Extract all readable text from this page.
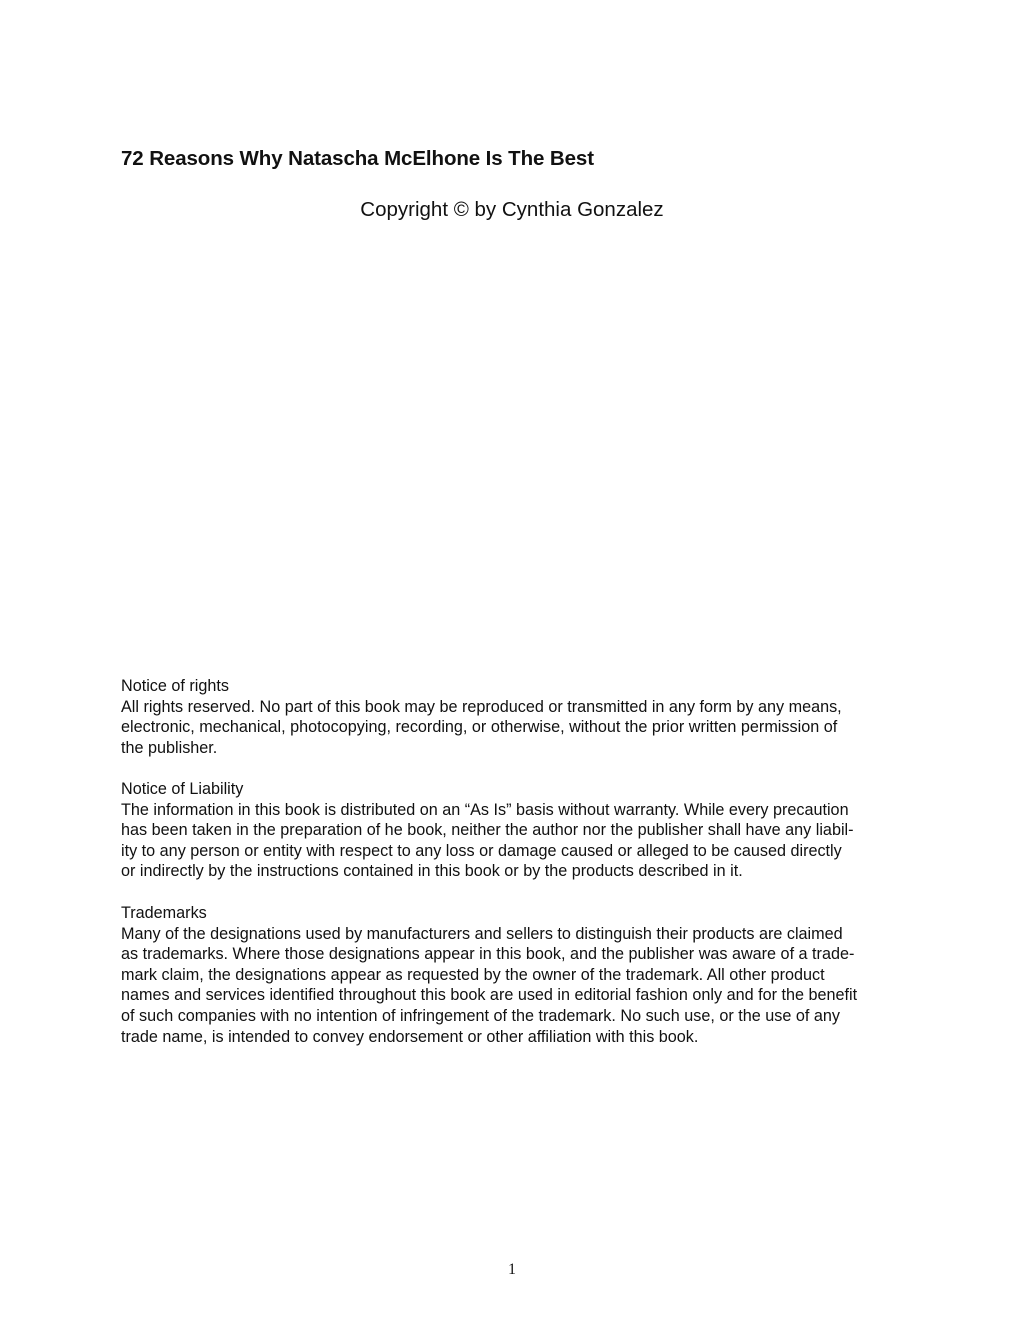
72 Reasons Why Natascha McElhone Is The Best
Copyright © by Cynthia Gonzalez
Notice of rights
All rights reserved. No part of this book may be reproduced or transmitted in any form by any means,
electronic, mechanical, photocopying, recording, or otherwise, without the prior written permission of
the publisher.
Notice of Liability
The information in this book is distributed on an “As Is” basis without warranty. While every precaution
has been taken in the preparation of he book, neither the author nor the publisher shall have any liabil-
ity to any person or entity with respect to any loss or damage caused or alleged to be caused directly
or indirectly by the instructions contained in this book or by the products described in it.
Trademarks
Many of the designations used by manufacturers and sellers to distinguish their products are claimed
as trademarks. Where those designations appear in this book, and the publisher was aware of a trade-
mark claim, the designations appear as requested by the owner of the trademark. All other product
names and services identified throughout this book are used in editorial fashion only and for the benefit
of such companies with no intention of infringement of the trademark. No such use, or the use of any
trade name, is intended to convey endorsement or other affiliation with this book.
1
